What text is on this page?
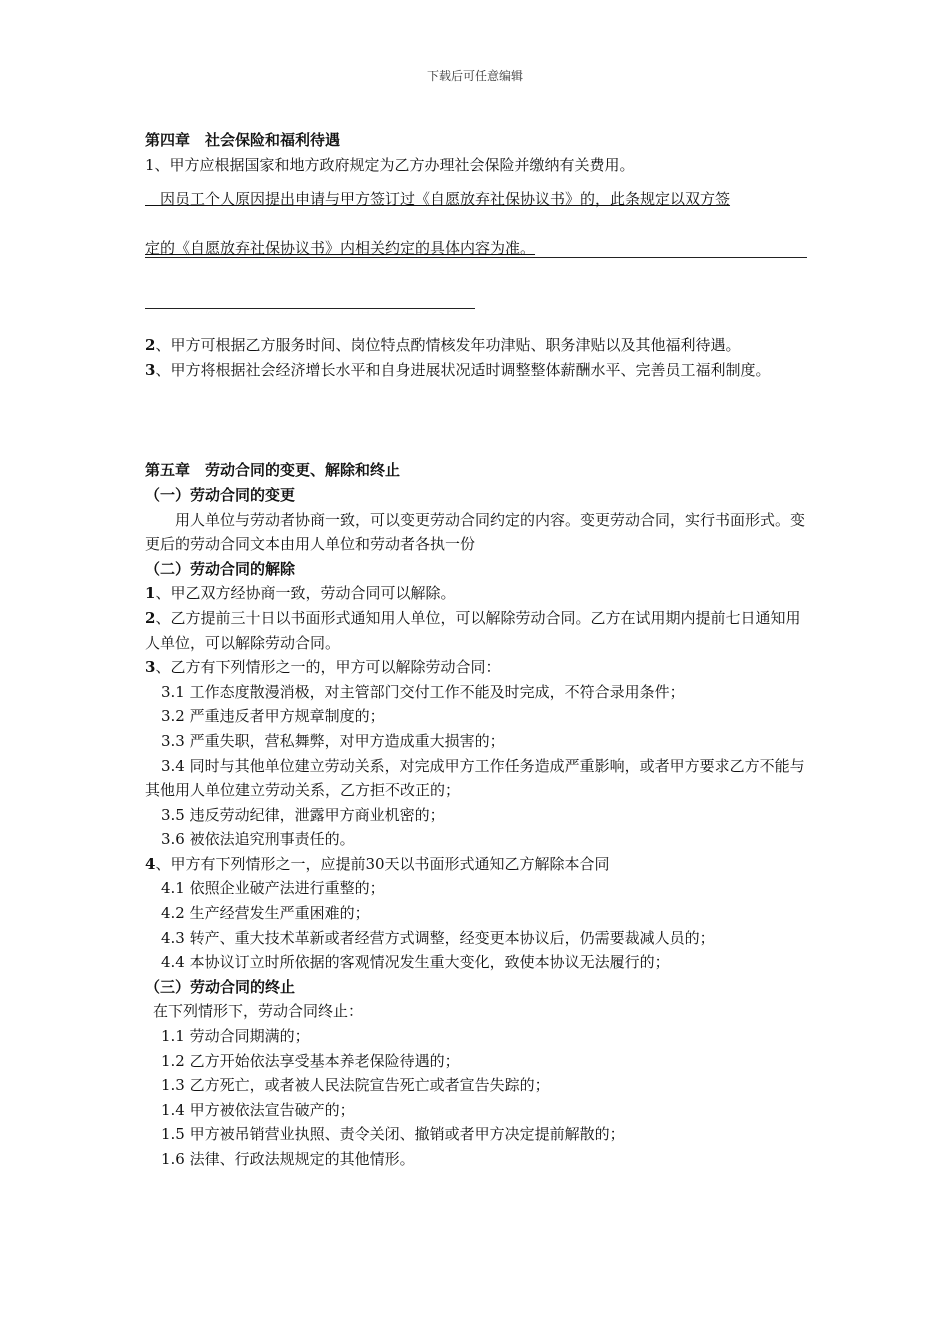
下载后可任意编辑

第四章　社会保险和福利待遇

1、甲方应根据国家和地方政府规定为乙方办理社会保险并缴纳有关费用。

　因员工个人原因提出申请与甲方签订过《自愿放弃社保协议书》的，此条规定以双方签

定的《自愿放弃社保协议书》内相关约定的具体内容为准。

2、甲方可根据乙方服务时间、岗位特点酌情核发年功津贴、职务津贴以及其他福利待遇。

3、甲方将根据社会经济增长水平和自身进展状况适时调整整体薪酬水平、完善员工福利制度。

第五章　劳动合同的变更、解除和终止

（一）劳动合同的变更

　用人单位与劳动者协商一致，可以变更劳动合同约定的内容。变更劳动合同，实行书面形式。变更后的劳动合同文本由用人单位和劳动者各执一份

（二）劳动合同的解除

1、甲乙双方经协商一致，劳动合同可以解除。

2、乙方提前三十日以书面形式通知用人单位，可以解除劳动合同。乙方在试用期内提前七日通知用人单位，可以解除劳动合同。

3、乙方有下列情形之一的，甲方可以解除劳动合同：

3.1 工作态度散漫消极，对主管部门交付工作不能及时完成，不符合录用条件；

3.2 严重违反者甲方规章制度的；

3.3 严重失职，营私舞弊，对甲方造成重大损害的；

3.4 同时与其他单位建立劳动关系，对完成甲方工作任务造成严重影响，或者甲方要求乙方不能与其他用人单位建立劳动关系，乙方拒不改正的；

3.5 违反劳动纪律，泄露甲方商业机密的；

3.6 被依法追究刑事责任的。

4、甲方有下列情形之一，应提前30天以书面形式通知乙方解除本合同

4.1 依照企业破产法进行重整的；

4.2 生产经营发生严重困难的；

4.3 转产、重大技术革新或者经营方式调整，经变更本协议后，仍需要裁减人员的；

4.4 本协议订立时所依据的客观情况发生重大变化，致使本协议无法履行的；

（三）劳动合同的终止

在下列情形下，劳动合同终止：

1.1 劳动合同期满的；

1.2 乙方开始依法享受基本养老保险待遇的；

1.3 乙方死亡，或者被人民法院宣告死亡或者宣告失踪的；

1.4 甲方被依法宣告破产的；

1.5 甲方被吊销营业执照、责令关闭、撤销或者甲方决定提前解散的；

1.6 法律、行政法规规定的其他情形。
